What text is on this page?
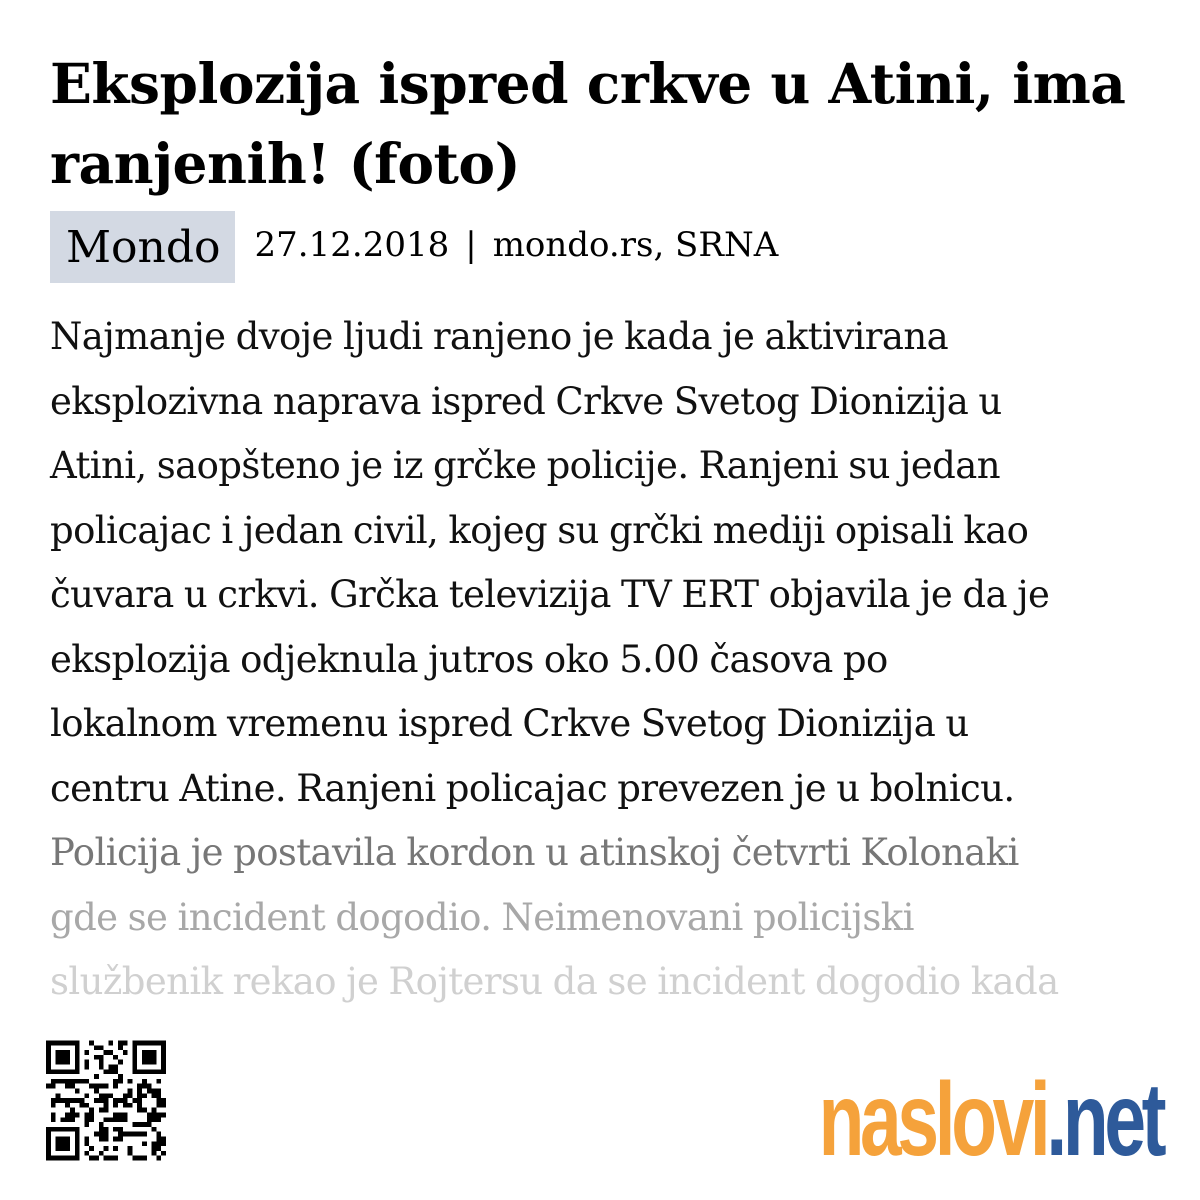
Eksplozija ispred crkve u Atini, ima ranjenih! (foto)
Mondo	27.12.2018 | mondo.rs, SRNA
Najmanje dvoje ljudi ranjeno je kada je aktivirana
eksplozivna naprava ispred Crkve Svetog Dionizija u
Atini, saopšteno je iz grčke policije. Ranjeni su jedan
policajac i jedan civil, kojeg su grčki mediji opisali kao
čuvara u crkvi. Grčka televizija TV ERT objavila je da je
eksplozija odjeknula jutros oko 5.00 časova po
lokalnom vremenu ispred Crkve Svetog Dionizija u
centru Atine. Ranjeni policajac prevezen je u bolnicu.
Policija je postavila kordon u atinskoj četvrti Kolonaki
gde se incident dogodio. Neimenovani policijski
službenik rekao je Rojtersu da se incident dogodio kada
naslovi .net
